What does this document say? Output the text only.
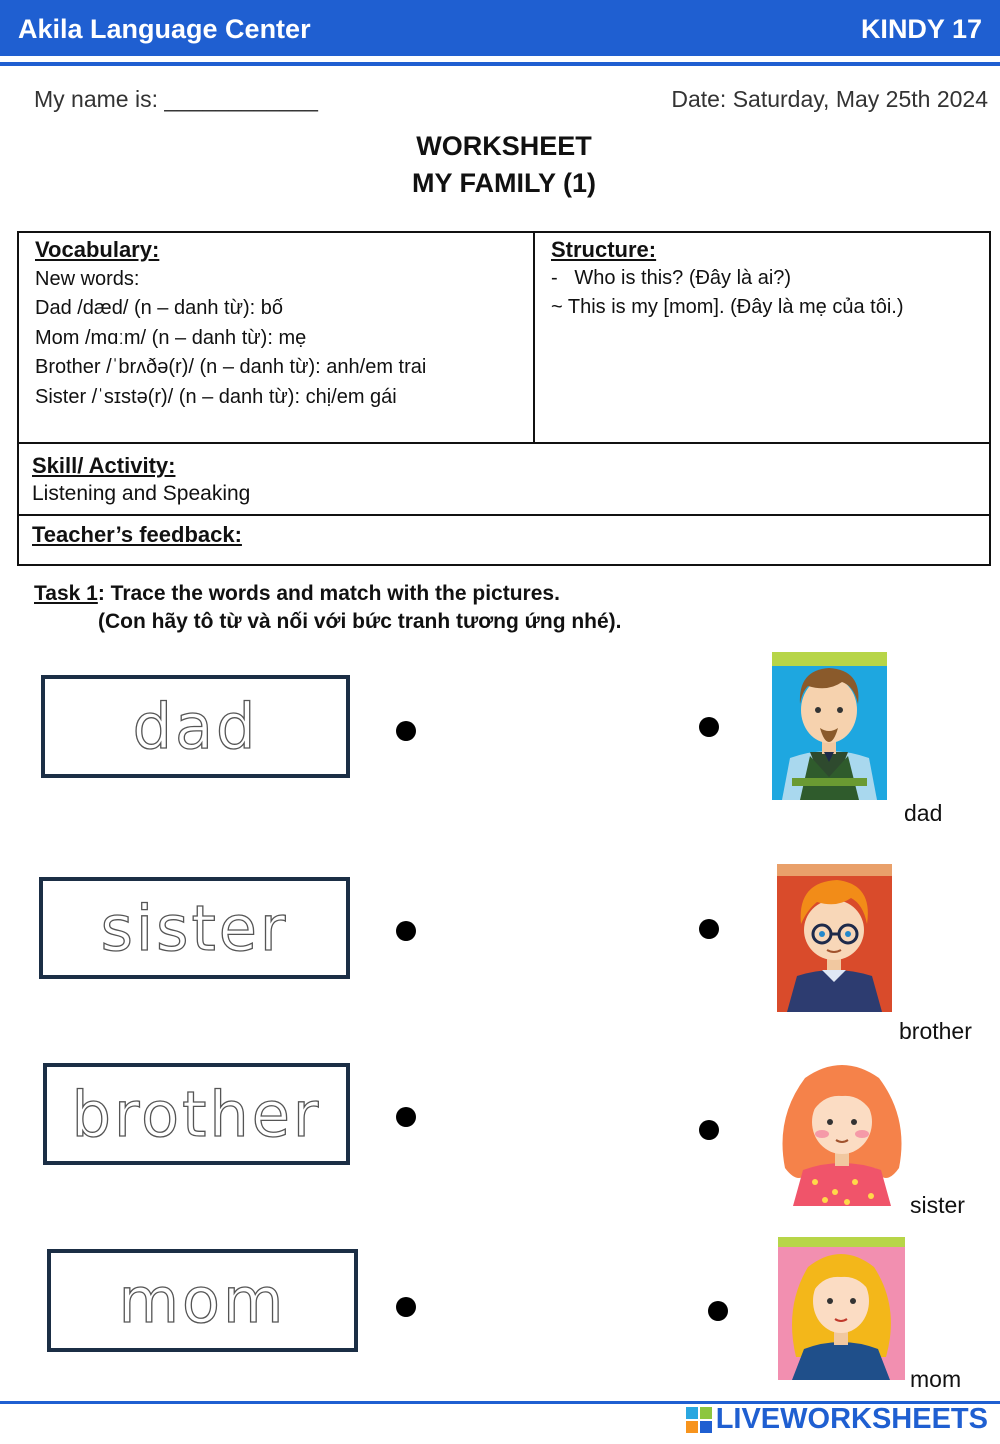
Akila Language Center	KINDY 17
My name is: ____________	Date: Saturday, May 25th 2024
WORKSHEET
MY FAMILY (1)
Vocabulary:
New words:
Dad /dæd/ (n – danh từ): bố
Mom /mɑːm/ (n – danh từ): mẹ
Brother /ˈbrʌðə(r)/ (n – danh từ): anh/em trai
Sister /ˈsɪstə(r)/ (n – danh từ): chị/em gái
Structure:
-   Who is this? (Đây là ai?)
~ This is my [mom]. (Đây là mẹ của tôi.)
Skill/ Activity:
Listening and Speaking
Teacher’s feedback:
Task 1: Trace the words and match with the pictures.
(Con hãy tô từ và nối với bức tranh tương ứng nhé).
dad
sister
brother
mom
dad
brother
sister
mom
LIVEWORKSHEETS
